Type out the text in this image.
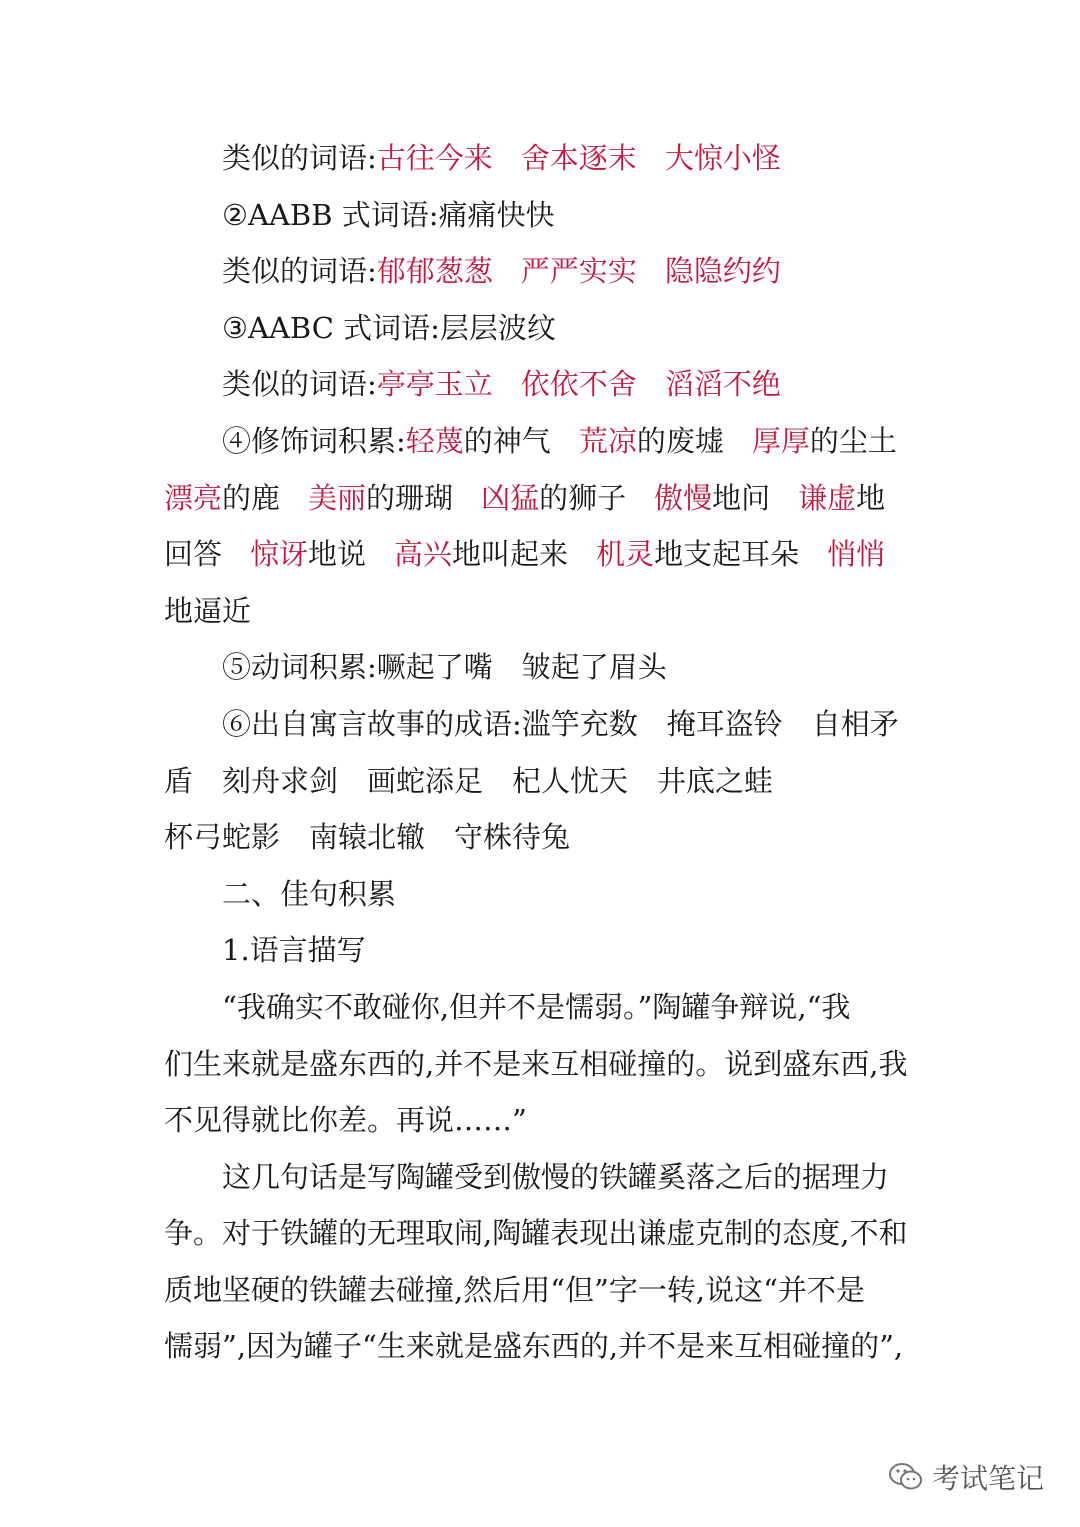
类似的词语:古往今来 舍本逐末 大惊小怪
②AABB 式词语:痛痛快快
类似的词语:郁郁葱葱 严严实实 隐隐约约
③AABC 式词语:层层波纹
类似的词语:亭亭玉立 依依不舍 滔滔不绝
④修饰词积累:轻蔑的神气 荒凉的废墟 厚厚的尘土
漂亮的鹿 美丽的珊瑚 凶猛的狮子 傲慢地问 谦虚地
回答 惊讶地说 高兴地叫起来 机灵地支起耳朵 悄悄
地逼近
⑤动词积累:噘起了嘴　皱起了眉头
⑥出自寓言故事的成语:滥竽充数　掩耳盗铃　自相矛
盾　刻舟求剑　画蛇添足　杞人忧天　井底之蛙
杯弓蛇影　南辕北辙　守株待兔
二、佳句积累
1.语言描写
“我确实不敢碰你,但并不是懦弱。”陶罐争辩说,“我
们生来就是盛东西的,并不是来互相碰撞的。说到盛东西,我
不见得就比你差。再说……”
这几句话是写陶罐受到傲慢的铁罐奚落之后的据理力
争。对于铁罐的无理取闹,陶罐表现出谦虚克制的态度,不和
质地坚硬的铁罐去碰撞,然后用“但”字一转,说这“并不是
懦弱”,因为罐子“生来就是盛东西的,并不是来互相碰撞的”,
考试笔记
